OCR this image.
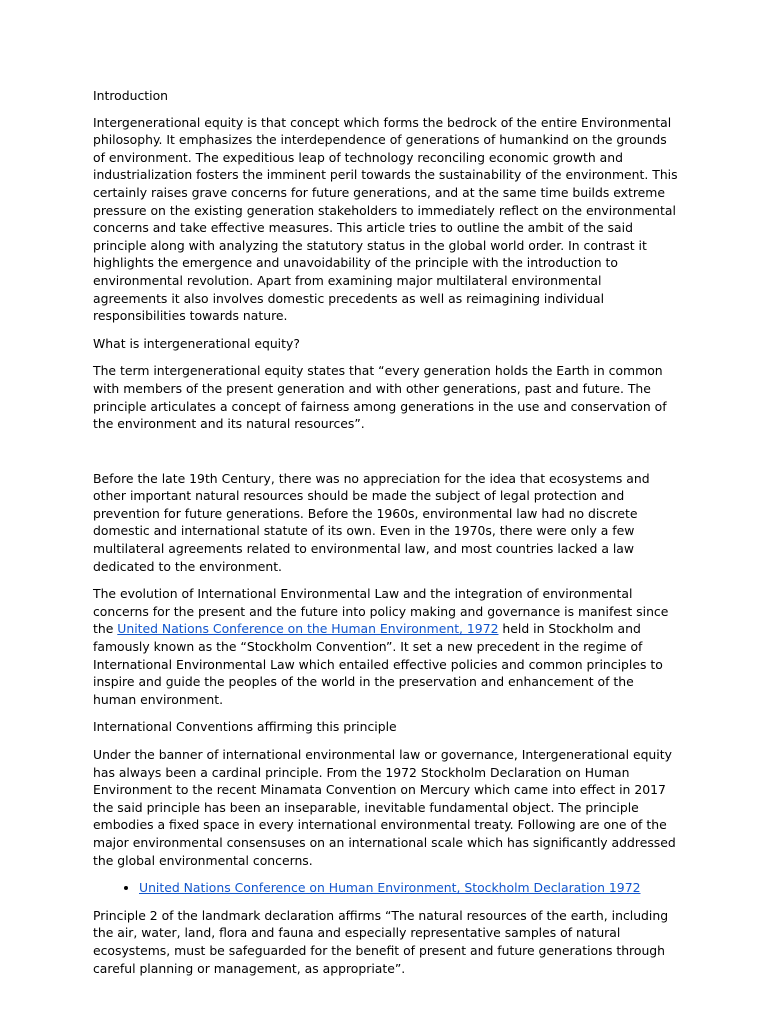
Introduction

Intergenerational equity is that concept which forms the bedrock of the entire Environmental philosophy. It emphasizes the interdependence of generations of humankind on the grounds of environment. The expeditious leap of technology reconciling economic growth and industrialization fosters the imminent peril towards the sustainability of the environment. This certainly raises grave concerns for future generations, and at the same time builds extreme pressure on the existing generation stakeholders to immediately reflect on the environmental concerns and take effective measures. This article tries to outline the ambit of the said principle along with analyzing the statutory status in the global world order. In contrast it highlights the emergence and unavoidability of the principle with the introduction to environmental revolution. Apart from examining major multilateral environmental agreements it also involves domestic precedents as well as reimagining individual responsibilities towards nature.

What is intergenerational equity?

The term intergenerational equity states that “every generation holds the Earth in common with members of the present generation and with other generations, past and future. The principle articulates a concept of fairness among generations in the use and conservation of the environment and its natural resources”.

Before the late 19th Century, there was no appreciation for the idea that ecosystems and other important natural resources should be made the subject of legal protection and prevention for future generations. Before the 1960s, environmental law had no discrete domestic and international statute of its own. Even in the 1970s, there were only a few multilateral agreements related to environmental law, and most countries lacked a law dedicated to the environment.

The evolution of International Environmental Law and the integration of environmental concerns for the present and the future into policy making and governance is manifest since the United Nations Conference on the Human Environment, 1972 held in Stockholm and famously known as the “Stockholm Convention”. It set a new precedent in the regime of International Environmental Law which entailed effective policies and common principles to inspire and guide the peoples of the world in the preservation and enhancement of the human environment.

International Conventions affirming this principle

Under the banner of international environmental law or governance, Intergenerational equity has always been a cardinal principle. From the 1972 Stockholm Declaration on Human Environment to the recent Minamata Convention on Mercury which came into effect in 2017 the said principle has been an inseparable, inevitable fundamental object. The principle embodies a fixed space in every international environmental treaty. Following are one of the major environmental consensuses on an international scale which has significantly addressed the global environmental concerns.

• United Nations Conference on Human Environment, Stockholm Declaration 1972

Principle 2 of the landmark declaration affirms “The natural resources of the earth, including the air, water, land, flora and fauna and especially representative samples of natural ecosystems, must be safeguarded for the benefit of present and future generations through careful planning or management, as appropriate”.
